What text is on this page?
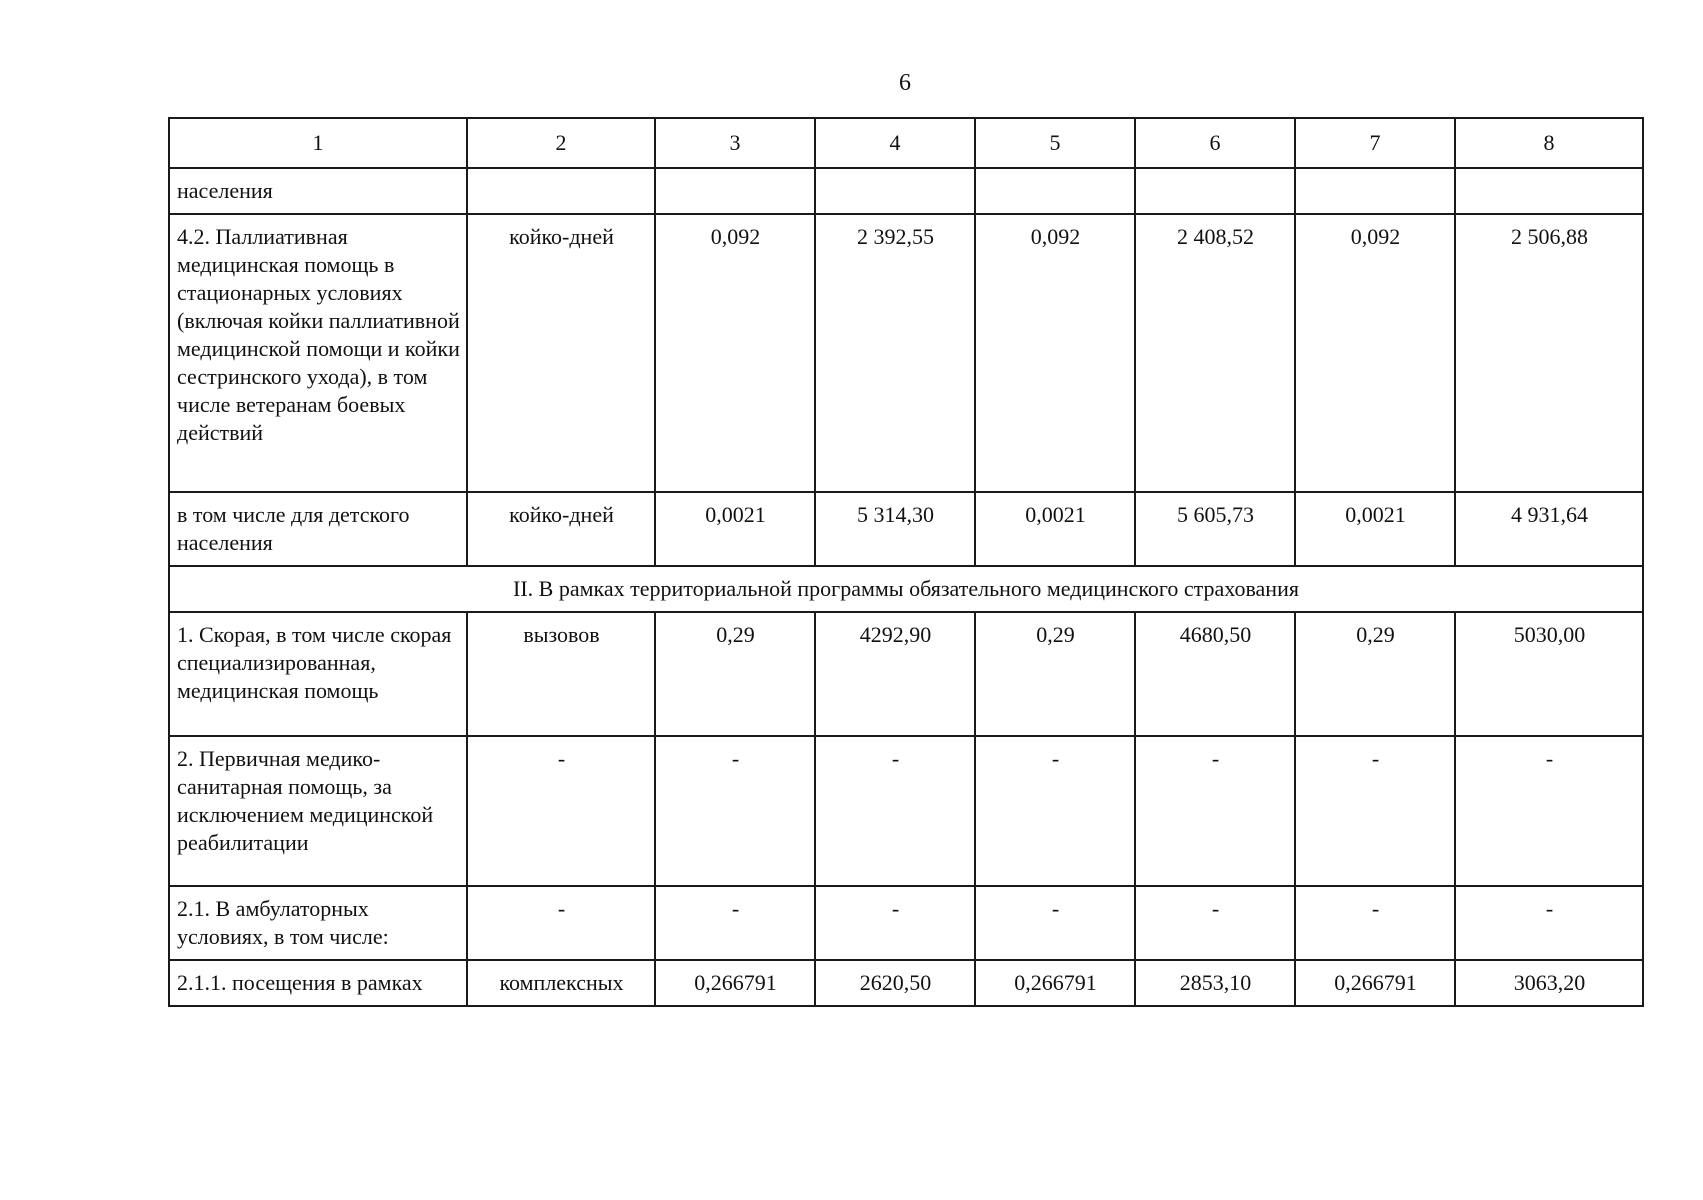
6
1	2	3	4	5	6	7	8
населения							
4.2. Паллиативная медицинская помощь в стационарных условиях (включая койки паллиативной медицинской помощи и койки сестринского ухода), в том числе ветеранам боевых действий	койко-дней	0,092	2 392,55	0,092	2 408,52	0,092	2 506,88
в том числе для детского населения	койко-дней	0,0021	5 314,30	0,0021	5 605,73	0,0021	4 931,64
II. В рамках территориальной программы обязательного медицинского страхования							
1. Скорая, в том числе скорая специализированная, медицинская помощь	вызовов	0,29	4292,90	0,29	4680,50	0,29	5030,00
2. Первичная медико-санитарная помощь, за исключением медицинской реабилитации	-	-	-	-	-	-	-
2.1. В амбулаторных условиях, в том числе:	-	-	-	-	-	-	-
2.1.1. посещения в рамках	комплексных	0,266791	2620,50	0,266791	2853,10	0,266791	3063,20
